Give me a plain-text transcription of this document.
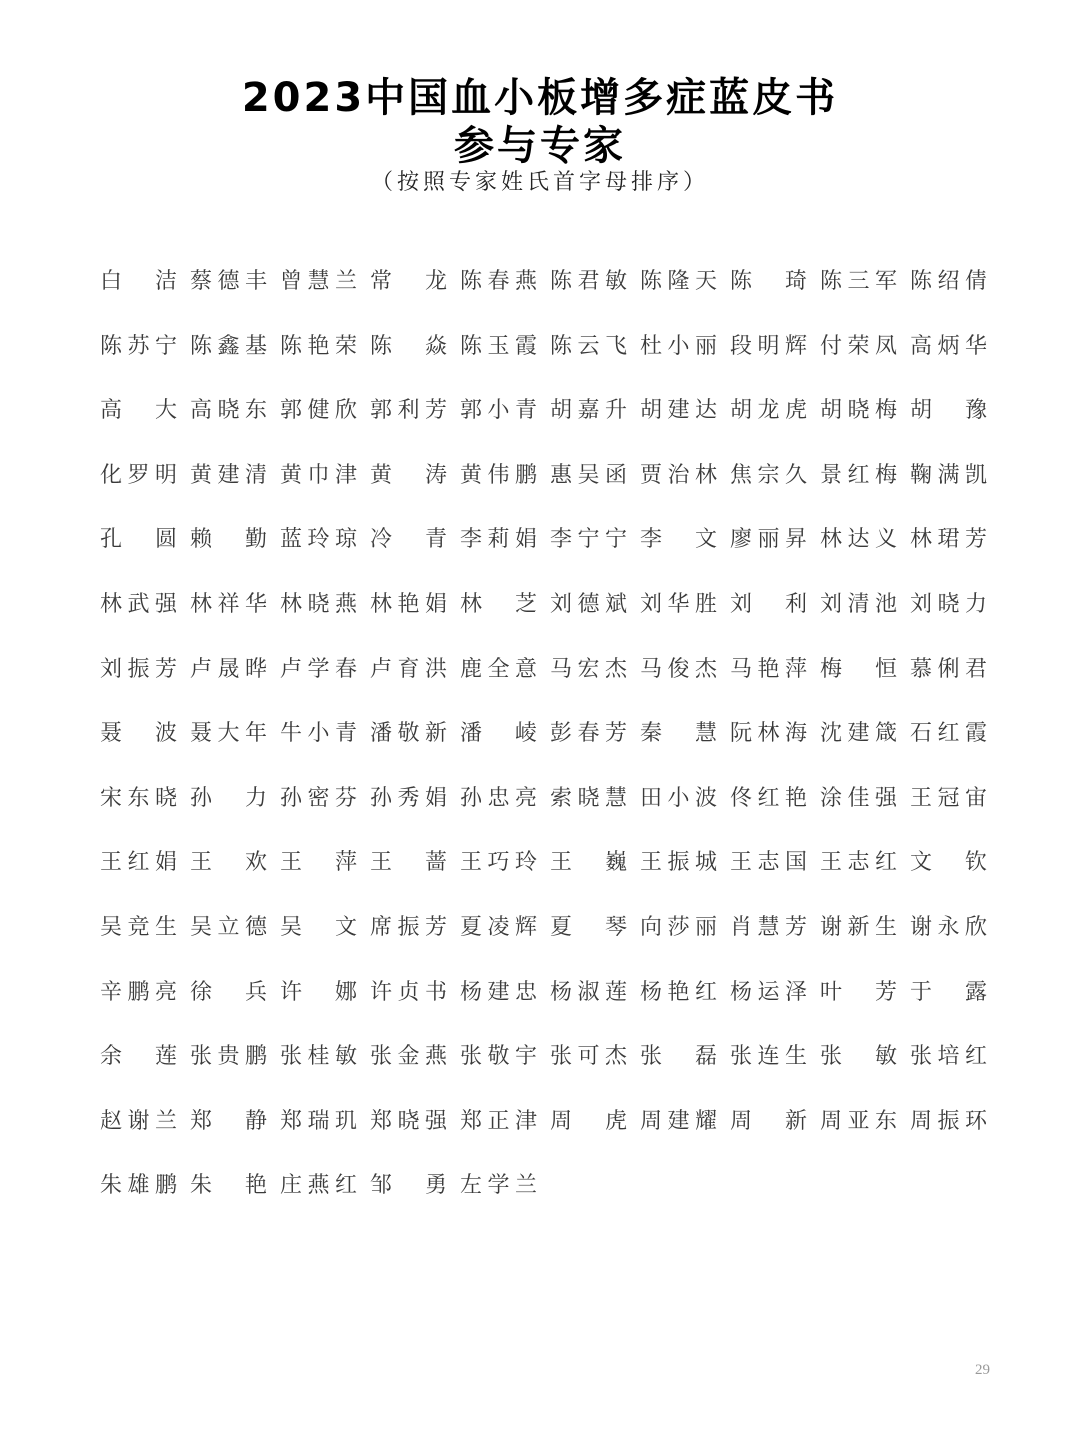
2023中国血小板增多症蓝皮书
参与专家
（按照专家姓氏首字母排序）
白 洁 蔡 德 丰 曾 慧 兰 常 龙 陈 春 燕 陈 君 敏 陈 隆 天 陈 琦 陈 三 军 陈 绍 倩
陈 苏 宁 陈 鑫 基 陈 艳 荣 陈 焱 陈 玉 霞 陈 云 飞 杜 小 丽 段 明 辉 付 荣 凤 高 炳 华
高 大 高 晓 东 郭 健 欣 郭 利 芳 郭 小 青 胡 嘉 升 胡 建 达 胡 龙 虎 胡 晓 梅 胡 豫
化 罗 明 黄 建 清 黄 巾 津 黄 涛 黄 伟 鹏 惠 吴 函 贾 治 林 焦 宗 久 景 红 梅 鞠 满 凯
孔 圆 赖 勤 蓝 玲 琼 冷 青 李 莉 娟 李 宁 宁 李 文 廖 丽 昇 林 达 义 林 珺 芳
林 武 强 林 祥 华 林 晓 燕 林 艳 娟 林 芝 刘 德 斌 刘 华 胜 刘 利 刘 清 池 刘 晓 力
刘 振 芳 卢 晟 晔 卢 学 春 卢 育 洪 鹿 全 意 马 宏 杰 马 俊 杰 马 艳 萍 梅 恒 慕 俐 君
聂 波 聂 大 年 牛 小 青 潘 敬 新 潘 崚 彭 春 芳 秦 慧 阮 林 海 沈 建 箴 石 红 霞
宋 东 晓 孙 力 孙 密 芬 孙 秀 娟 孙 忠 亮 索 晓 慧 田 小 波 佟 红 艳 涂 佳 强 王 冠 宙
王 红 娟 王 欢 王 萍 王 蔷 王 巧 玲 王 巍 王 振 城 王 志 国 王 志 红 文 钦
吴 竞 生 吴 立 德 吴 文 席 振 芳 夏 凌 辉 夏 琴 向 莎 丽 肖 慧 芳 谢 新 生 谢 永 欣
辛 鹏 亮 徐 兵 许 娜 许 贞 书 杨 建 忠 杨 淑 莲 杨 艳 红 杨 运 泽 叶 芳 于 露
余 莲 张 贵 鹏 张 桂 敏 张 金 燕 张 敬 宇 张 可 杰 张 磊 张 连 生 张 敏 张 培 红
赵 谢 兰 郑 静 郑 瑞 玑 郑 晓 强 郑 正 津 周 虎 周 建 耀 周 新 周 亚 东 周 振 环
朱 雄 鹏 朱 艳 庄 燕 红 邹 勇 左 学 兰
29
